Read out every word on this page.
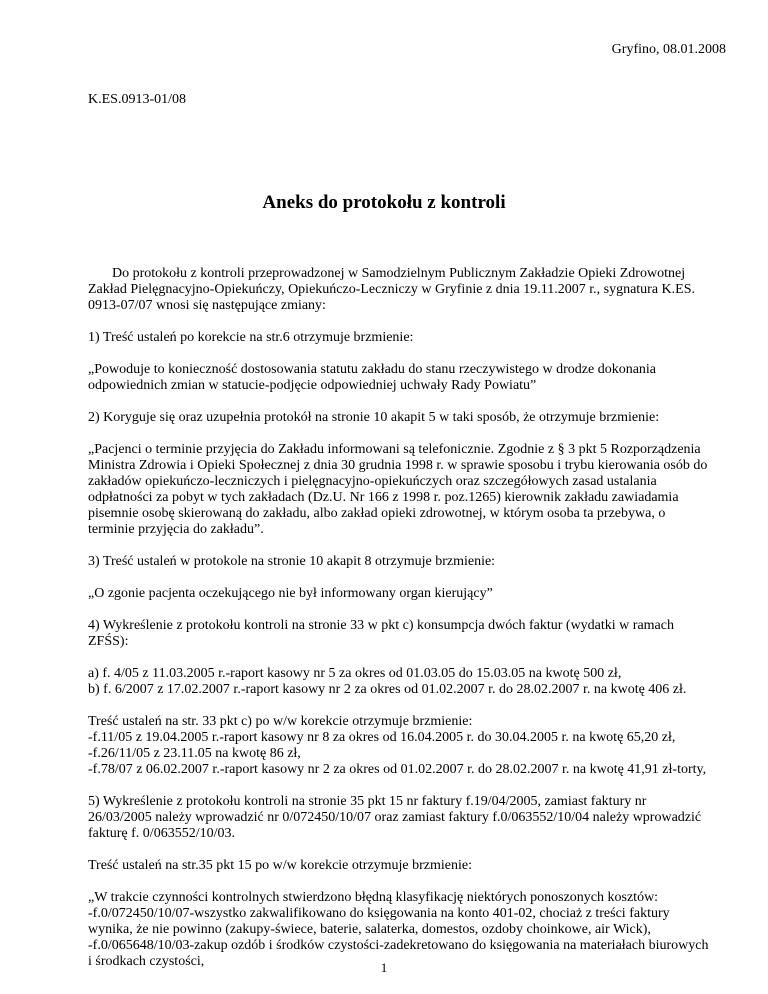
Gryfino, 08.01.2008
K.ES.0913-01/08
Aneks do protokołu z kontroli

Do protokołu z kontroli przeprowadzonej w Samodzielnym Publicznym Zakładzie Opieki Zdrowotnej
Zakład Pielęgnacyjno-Opiekuńczy, Opiekuńczo-Leczniczy w Gryfinie z dnia 19.11.2007 r., sygnatura K.ES.
0913-07/07 wnosi się następujące zmiany:

1) Treść ustaleń po korekcie na str.6 otrzymuje brzmienie:

„Powoduje to konieczność dostosowania statutu zakładu do stanu rzeczywistego w drodze dokonania
odpowiednich zmian w statucie-podjęcie odpowiedniej uchwały Rady Powiatu”

2) Koryguje się oraz uzupełnia protokół na stronie 10 akapit 5 w taki sposób, że otrzymuje brzmienie:

„Pacjenci o terminie przyjęcia do Zakładu informowani są telefonicznie. Zgodnie z § 3 pkt 5 Rozporządzenia
Ministra Zdrowia i Opieki Społecznej z dnia 30 grudnia 1998 r. w sprawie sposobu i trybu kierowania osób do
zakładów opiekuńczo-leczniczych i pielęgnacyjno-opiekuńczych oraz szczegółowych zasad ustalania
odpłatności za pobyt w tych zakładach (Dz.U. Nr 166 z 1998 r. poz.1265) kierownik zakładu zawiadamia
pisemnie osobę skierowaną do zakładu, albo zakład opieki zdrowotnej, w którym osoba ta przebywa, o
terminie przyjęcia do zakładu”.

3) Treść ustaleń w protokole na stronie 10 akapit 8 otrzymuje brzmienie:

„O zgonie pacjenta oczekującego nie był informowany organ kierujący”

4) Wykreślenie z protokołu kontroli na stronie 33 w pkt c) konsumpcja dwóch faktur (wydatki w ramach
ZFŚS):

a) f. 4/05 z 11.03.2005 r.-raport kasowy nr 5 za okres od 01.03.05 do 15.03.05 na kwotę 500 zł,
b) f. 6/2007 z 17.02.2007 r.-raport kasowy nr 2 za okres od 01.02.2007 r. do 28.02.2007 r. na kwotę 406 zł.

Treść ustaleń na str. 33 pkt c) po w/w korekcie otrzymuje brzmienie:
-f.11/05 z 19.04.2005 r.-raport kasowy nr 8 za okres od 16.04.2005 r. do 30.04.2005 r. na kwotę 65,20 zł,
-f.26/11/05 z 23.11.05 na kwotę 86 zł,
-f.78/07 z 06.02.2007 r.-raport kasowy nr 2 za okres od 01.02.2007 r. do 28.02.2007 r. na kwotę 41,91 zł-torty,

5) Wykreślenie z protokołu kontroli na stronie 35 pkt 15 nr faktury f.19/04/2005, zamiast faktury nr
26/03/2005 należy wprowadzić nr 0/072450/10/07 oraz zamiast faktury f.0/063552/10/04 należy wprowadzić
fakturę f. 0/063552/10/03.

Treść ustaleń na str.35 pkt 15 po w/w korekcie otrzymuje brzmienie:

„W trakcie czynności kontrolnych stwierdzono błędną klasyfikację niektórych ponoszonych kosztów:
-f.0/072450/10/07-wszystko zakwalifikowano do księgowania na konto 401-02, chociaż z treści faktury
wynika, że nie powinno (zakupy-świece, baterie, salaterka, domestos, ozdoby choinkowe, air Wick),
-f.0/065648/10/03-zakup ozdób i środków czystości-zadekretowano do księgowania na materiałach biurowych
i środkach czystości,	1
